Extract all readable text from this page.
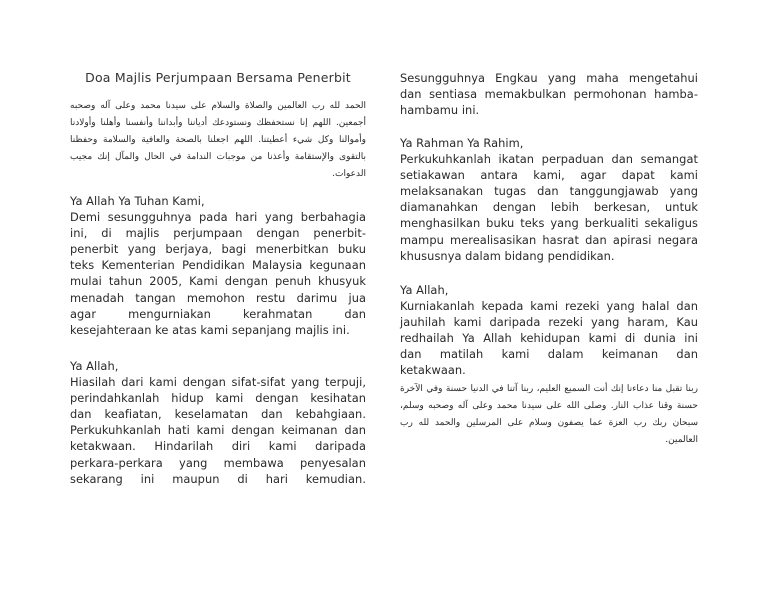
Doa Majlis Perjumpaan Bersama Penerbit
الحمد لله رب العالمين والصلاة والسلام على سيدنا محمد وعلى آله وصحبه أجمعين. اللهم إنا نستحفظك ونستودعك أدياننا وأبداننا وأنفسنا وأهلنا وأولادنا وأموالنا وكل شيء أعطيتنا. اللهم اجعلنا بالصحة والعافية والسلامة وحفظنا بالتقوى والإستقامة وأعذنا من موجبات الندامة في الحال والمآل إنك مجيب الدعوات.
Ya Allah Ya Tuhan Kami,
Demi sesungguhnya pada hari yang berbahagia
ini, di majlis perjumpaan dengan penerbit-
penerbit yang berjaya, bagi menerbitkan buku
teks Kementerian Pendidikan Malaysia kegunaan
mulai tahun 2005, Kami dengan penuh khusyuk
menadah tangan memohon restu darimu jua
agar mengurniakan kerahmatan dan
kesejahteraan ke atas kami sepanjang majlis ini.
Ya Allah,
Hiasilah dari kami dengan sifat-sifat yang terpuji,
perindahkanlah hidup kami dengan kesihatan
dan keafiatan, keselamatan dan kebahgiaan.
Perkukuhkanlah hati kami dengan keimanan dan
ketakwaan. Hindarilah diri kami daripada
perkara-perkara yang membawa penyesalan
sekarang ini maupun di hari kemudian.
Sesungguhnya Engkau yang maha mengetahui
dan sentiasa memakbulkan permohonan hamba-
hambamu ini.
Ya Rahman Ya Rahim,
Perkukuhkanlah ikatan perpaduan dan semangat
setiakawan antara kami, agar dapat kami
melaksanakan tugas dan tanggungjawab yang
diamanahkan dengan lebih berkesan, untuk
menghasilkan buku teks yang berkualiti sekaligus
mampu merealisasikan hasrat dan apirasi negara
khususnya dalam bidang pendidikan.
Ya Allah,
Kurniakanlah kepada kami rezeki yang halal dan
jauhilah kami daripada rezeki yang haram, Kau
redhailah Ya Allah kehidupan kami di dunia ini
dan matilah kami dalam keimanan dan
ketakwaan.
ربنا تقبل منا دعاءنا إنك أنت السميع العليم، ربنا آتنا في الدنيا حسنة وفي الآخرة حسنة وقنا عذاب النار. وصلى الله على سيدنا محمد وعلى آله وصحبه وسلم، سبحان ربك رب العزة عما يصفون وسلام على المرسلين والحمد لله رب العالمين.
